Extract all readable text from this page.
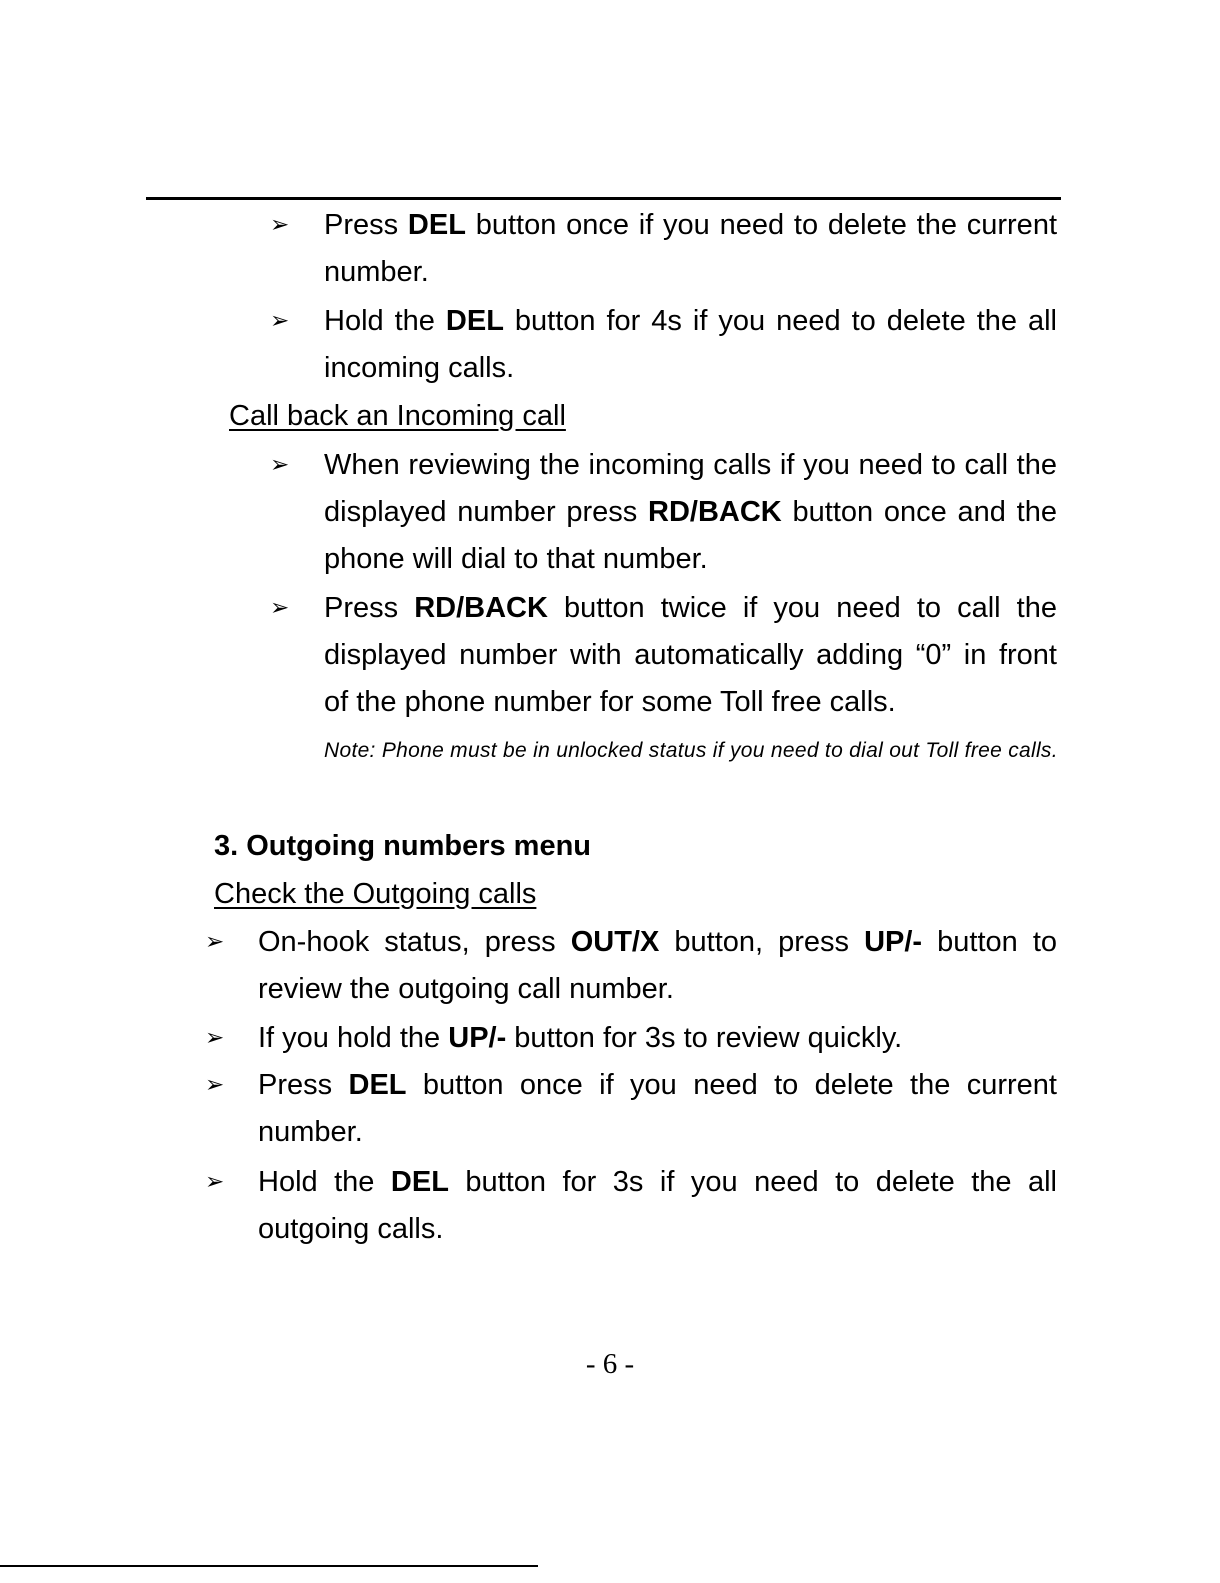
➢ Press DEL button once if you need to delete the current number.
➢ Hold the DEL button for 4s if you need to delete the all incoming calls.
Call back an Incoming call
➢ When reviewing the incoming calls if you need to call the displayed number press RD/BACK button once and the phone will dial to that number.
➢ Press RD/BACK button twice if you need to call the displayed number with automatically adding “0” in front of the phone number for some Toll free calls.
Note: Phone must be in unlocked status if you need to dial out Toll free calls.
3. Outgoing numbers menu
Check the Outgoing calls
➢ On-hook status, press OUT/X button, press UP/- button to review the outgoing call number.
➢ If you hold the UP/- button for 3s to review quickly.
➢ Press DEL button once if you need to delete the current number.
➢ Hold the DEL button for 3s if you need to delete the all outgoing calls.
- 6 -
